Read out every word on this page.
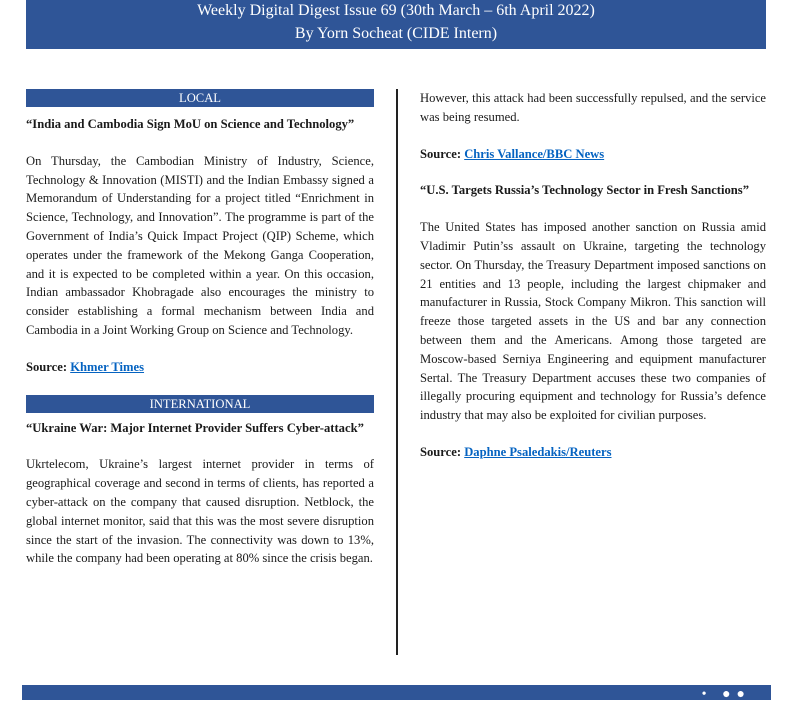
Weekly Digital Digest Issue 69 (30th March – 6th April 2022)
By Yorn Socheat (CIDE Intern)
LOCAL
“India and Cambodia Sign MoU on Science and Technology”

On Thursday, the Cambodian Ministry of Industry, Science, Technology & Innovation (MISTI) and the Indian Embassy signed a Memorandum of Understanding for a project titled “Enrichment in Science, Technology, and Innovation”. The programme is part of the Government of India’s Quick Impact Project (QIP) Scheme, which operates under the framework of the Mekong Ganga Cooperation, and it is expected to be completed within a year. On this occasion, Indian ambassador Khobragade also encourages the ministry to consider establishing a formal mechanism between India and Cambodia in a Joint Working Group on Science and Technology.

Source: Khmer Times
INTERNATIONAL
“Ukraine War: Major Internet Provider Suffers Cyber-attack”

Ukrtelecom, Ukraine’s largest internet provider in terms of geographical coverage and second in terms of clients, has reported a cyber-attack on the company that caused disruption. Netblock, the global internet monitor, said that this was the most severe disruption since the start of the invasion. The connectivity was down to 13%, while the company had been operating at 80% since the crisis began.

However, this attack had been successfully repulsed, and the service was being resumed.

Source: Chris Vallance/BBC News
“U.S. Targets Russia’s Technology Sector in Fresh Sanctions”

The United States has imposed another sanction on Russia amid Vladimir Putin’ss assault on Ukraine, targeting the technology sector. On Thursday, the Treasury Department imposed sanctions on 21 entities and 13 people, including the largest chipmaker and manufacturer in Russia, Stock Company Mikron. This sanction will freeze those targeted assets in the US and bar any connection between them and the Americans. Among those targeted are Moscow-based Serniya Engineering and equipment manufacturer Sertal. The Treasury Department accuses these two companies of illegally procuring equipment and technology for Russia’s defence industry that may also be exploited for civilian purposes.

Source: Daphne Psaledakis/Reuters
• ●●
